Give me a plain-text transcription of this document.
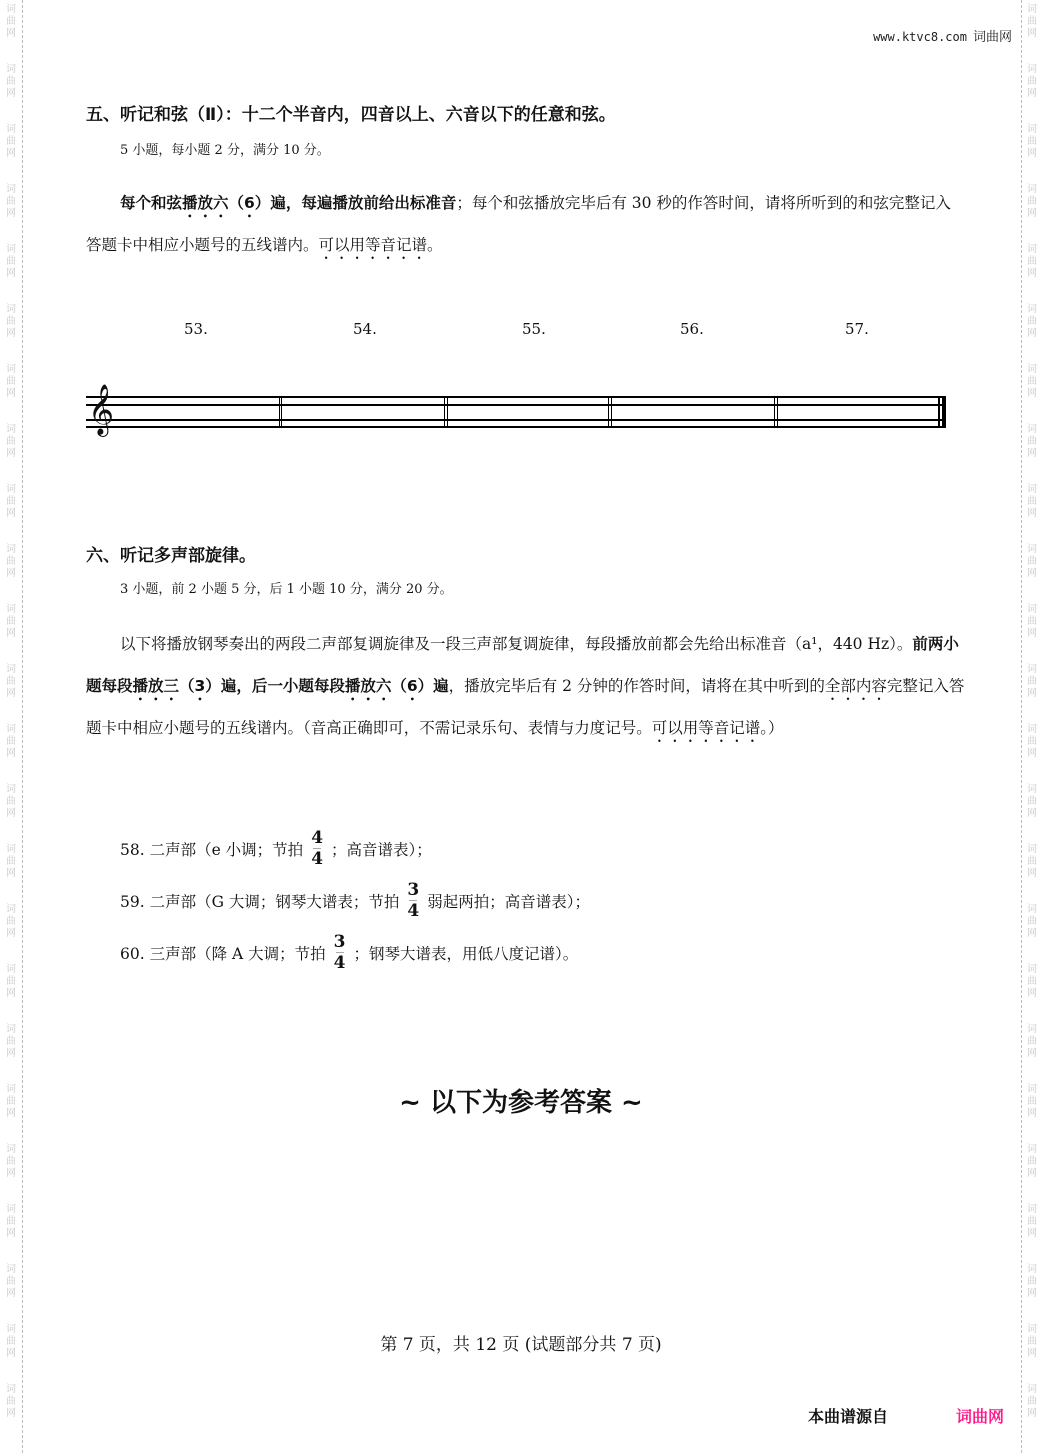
词
曲
网
词
曲
网
词
曲
网
词
曲
网
词
曲
网
词
曲
网
词
曲
网
词
曲
网
词
曲
网
词
曲
网
词
曲
网
词
曲
网
词
曲
网
词
曲
网
词
曲
网
词
曲
网
词
曲
网
词
曲
网
词
曲
网
词
曲
网
词
曲
网
词
曲
网
词
曲
网
词
曲
网
词
曲
网
词
曲
网
词
曲
网
词
曲
网
词
曲
网
词
曲
网
词
曲
网
词
曲
网
词
曲
网
词
曲
网
词
曲
网
词
曲
网
词
曲
网
词
曲
网
词
曲
网
词
曲
网
词
曲
网
词
曲
网
词
曲
网
词
曲
网
词
曲
网
词
曲
网
词
曲
网
词
曲
网
www.ktvc8.com 词曲网
五、听记和弦（Ⅱ）：十二个半音内，四音以上、六音以下的任意和弦。
5 小题，每小题 2 分，满分 10 分。
每个和弦播放六（6）遍，每遍播放前给出标准音；每个和弦播放完毕后有 30 秒的作答时间，请将所听到的和弦完整记入答题卡中相应小题号的五线谱内。可以用等音记谱。
53.	54.	55.	56.	57.
𝄞
六、听记多声部旋律。
3 小题，前 2 小题 5 分，后 1 小题 10 分，满分 20 分。
以下将播放钢琴奏出的两段二声部复调旋律及一段三声部复调旋律，每段播放前都会先给出标准音（a¹，440 Hz）。前两小题每段播放三（3）遍，后一小题每段播放六（6）遍，播放完毕后有 2 分钟的作答时间，请将在其中听到的全部内容完整记入答题卡中相应小题号的五线谱内。（音高正确即可，不需记录乐句、表情与力度记号。可以用等音记谱。）
58. 二声部（e 小调；节拍 $\frac{4}{4}$ ；高音谱表）；
59. 二声部（G 大调；钢琴大谱表；节拍 $\frac{3}{4}$ 弱起两拍；高音谱表）；
60. 三声部（降 A 大调；节拍 $\frac{3}{4}$ ；钢琴大谱表，用低八度记谱）。
~ 以下为参考答案 ~
第 7 页，共 12 页 (试题部分共 7 页)
本曲谱源自	词曲网
